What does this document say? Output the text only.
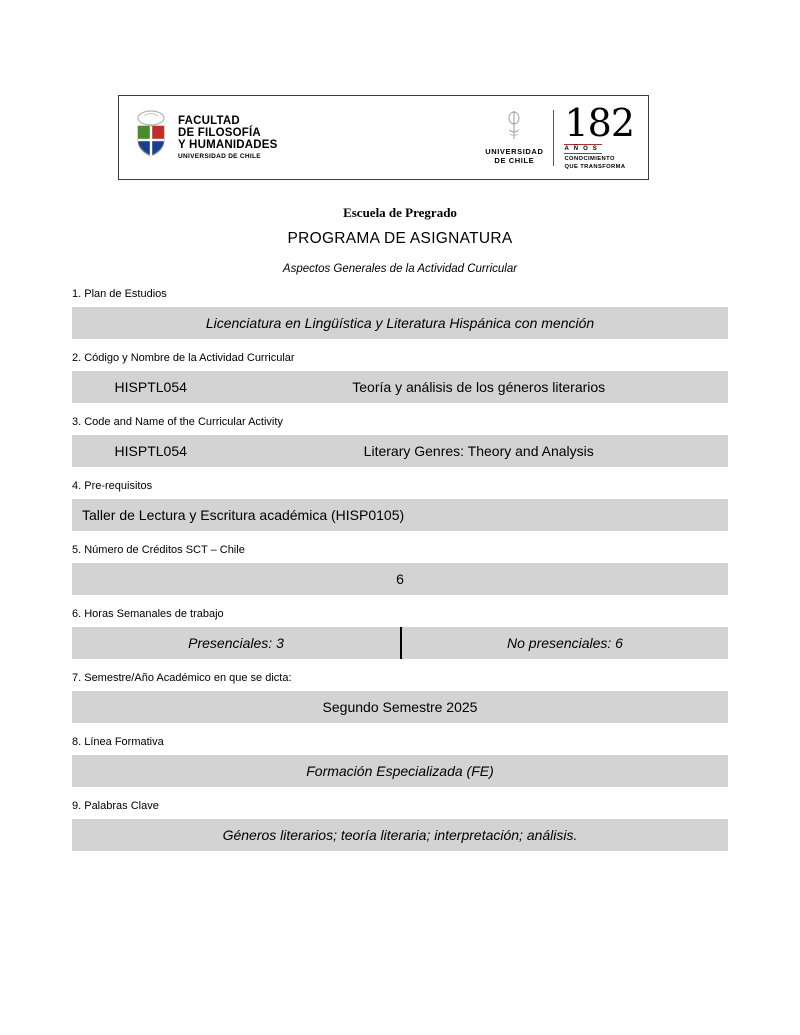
FACULTAD
DE FILOSOFÍA
Y HUMANIDADES
UNIVERSIDAD DE CHILE
UNIVERSIDAD
DE CHILE
182
AÑOS
CONOCIMIENTO
QUE TRANSFORMA
Escuela de Pregrado
PROGRAMA DE ASIGNATURA
Aspectos Generales de la Actividad Curricular
1. Plan de Estudios
Licenciatura en Lingüística y Literatura Hispánica con mención
2. Código y Nombre de la Actividad Curricular
HISPTL054	Teoría y análisis de los géneros literarios
3. Code and Name of the Curricular Activity
HISPTL054	Literary Genres: Theory and Analysis
4. Pre-requisitos
Taller de Lectura y Escritura académica (HISP0105)
5. Número de Créditos SCT – Chile
6
6. Horas Semanales de trabajo
Presenciales: 3	No presenciales: 6
7. Semestre/Año Académico en que se dicta:
Segundo Semestre 2025
8. Línea Formativa
Formación Especializada (FE)
9. Palabras Clave
Géneros literarios; teoría literaria; interpretación; análisis.
